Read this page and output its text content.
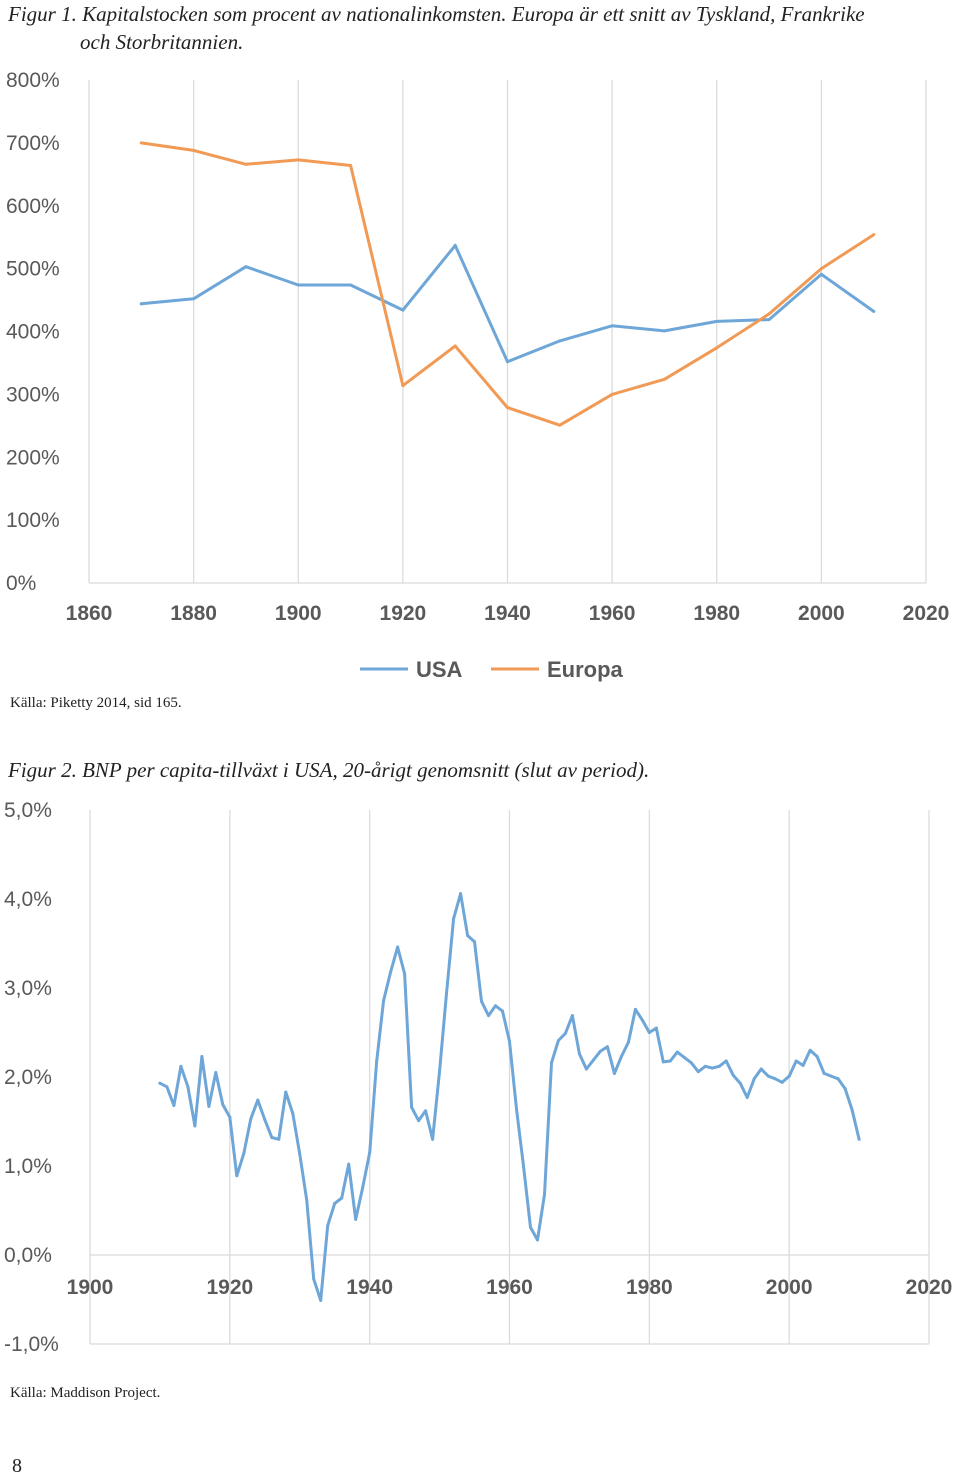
Figur 1. Kapitalstocken som procent av nationalinkomsten. Europa är ett snitt av Tyskland, Frankrike
och Storbritannien.
0%
100%
200%
300%
400%
500%
600%
700%
800%
1860	1880	1900	1920	1940	1960	1980	2000	2020
USA	Europa
Källa: Piketty 2014, sid 165.
Figur 2. BNP per capita-tillväxt i USA, 20-årigt genomsnitt (slut av period).
-1,0%
0,0%
1,0%
2,0%
3,0%
4,0%
5,0%
1900	1920	1940	1960	1980	2000	2020
Källa: Maddison Project.
8
